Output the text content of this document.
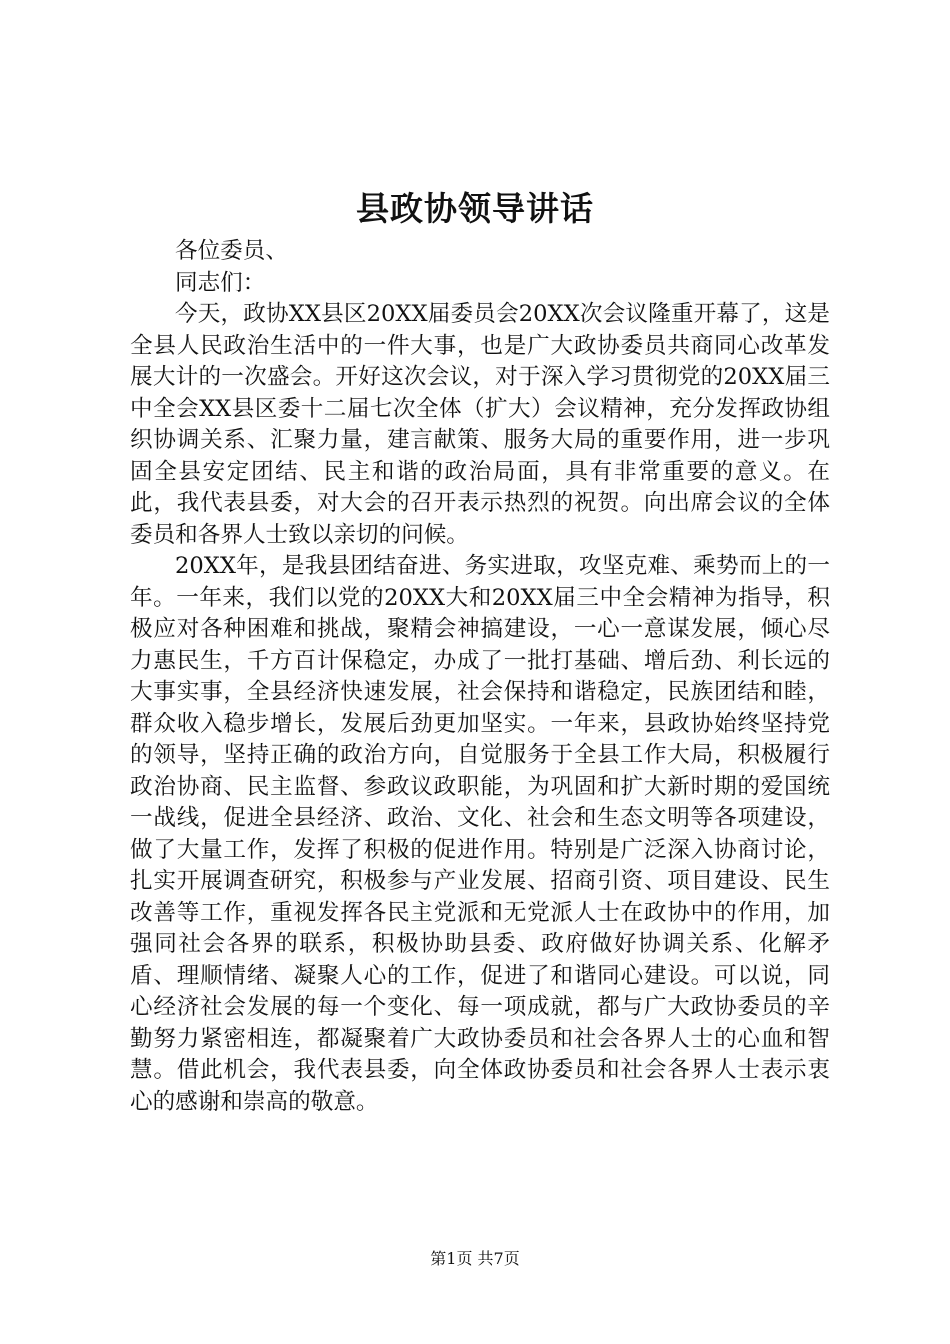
县政协领导讲话

各位委员、

同志们：

今天，政协XX县区20XX届委员会20XX次会议隆重开幕了，这是全县人民政治生活中的一件大事，也是广大政协委员共商同心改革发展大计的一次盛会。开好这次会议，对于深入学习贯彻党的20XX届三中全会XX县区委十二届七次全体（扩大）会议精神，充分发挥政协组织协调关系、汇聚力量，建言献策、服务大局的重要作用，进一步巩固全县安定团结、民主和谐的政治局面，具有非常重要的意义。在此，我代表县委，对大会的召开表示热烈的祝贺。向出席会议的全体委员和各界人士致以亲切的问候。

20XX年，是我县团结奋进、务实进取，攻坚克难、乘势而上的一年。一年来，我们以党的20XX大和20XX届三中全会精神为指导，积极应对各种困难和挑战，聚精会神搞建设，一心一意谋发展，倾心尽力惠民生，千方百计保稳定，办成了一批打基础、增后劲、利长远的大事实事，全县经济快速发展，社会保持和谐稳定，民族团结和睦，群众收入稳步增长，发展后劲更加坚实。一年来，县政协始终坚持党的领导，坚持正确的政治方向，自觉服务于全县工作大局，积极履行政治协商、民主监督、参政议政职能，为巩固和扩大新时期的爱国统一战线，促进全县经济、政治、文化、社会和生态文明等各项建设，做了大量工作，发挥了积极的促进作用。特别是广泛深入协商讨论，扎实开展调查研究，积极参与产业发展、招商引资、项目建设、民生改善等工作，重视发挥各民主党派和无党派人士在政协中的作用，加强同社会各界的联系，积极协助县委、政府做好协调关系、化解矛盾、理顺情绪、凝聚人心的工作，促进了和谐同心建设。可以说，同心经济社会发展的每一个变化、每一项成就，都与广大政协委员的辛勤努力紧密相连，都凝聚着广大政协委员和社会各界人士的心血和智慧。借此机会，我代表县委，向全体政协委员和社会各界人士表示衷心的感谢和崇高的敬意。

第1页 共7页
